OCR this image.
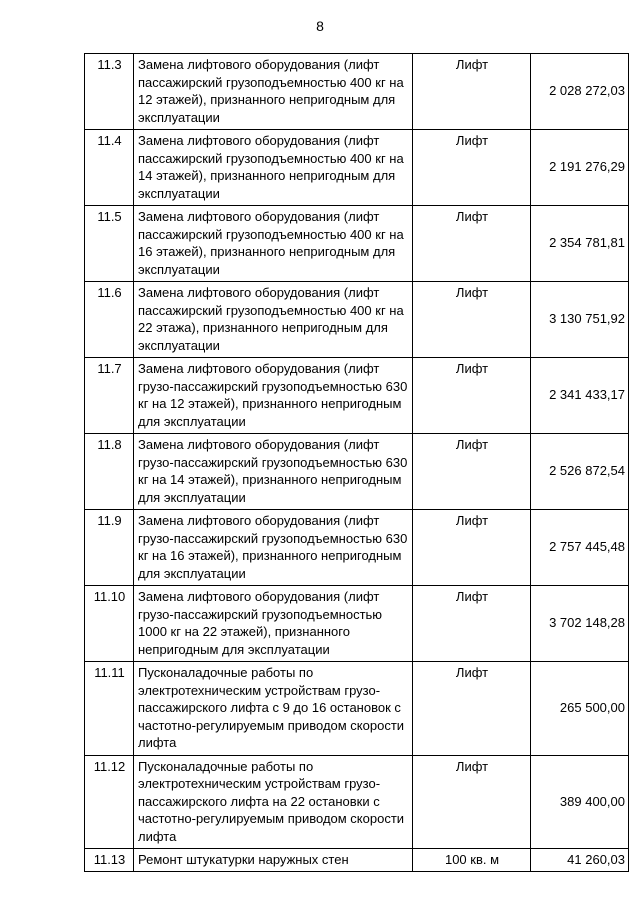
8
11.3	Замена лифтового оборудования (лифт пассажирский грузоподъемностью 400 кг на 12 этажей), признанного непригодным для эксплуатации	Лифт	2 028 272,03
11.4	Замена лифтового оборудования (лифт пассажирский грузоподъемностью 400 кг на 14 этажей), признанного непригодным для эксплуатации	Лифт	2 191 276,29
11.5	Замена лифтового оборудования (лифт пассажирский грузоподъемностью 400 кг на 16 этажей), признанного непригодным для эксплуатации	Лифт	2 354 781,81
11.6	Замена лифтового оборудования (лифт пассажирский грузоподъемностью 400 кг на 22 этажа), признанного непригодным для эксплуатации	Лифт	3 130 751,92
11.7	Замена лифтового оборудования (лифт грузо-пассажирский грузоподъемностью 630 кг на 12 этажей), признанного непригодным для эксплуатации	Лифт	2 341 433,17
11.8	Замена лифтового оборудования (лифт грузо-пассажирский грузоподъемностью 630 кг на 14 этажей), признанного непригодным для эксплуатации	Лифт	2 526 872,54
11.9	Замена лифтового оборудования (лифт грузо-пассажирский грузоподъемностью 630 кг на 16 этажей), признанного непригодным для эксплуатации	Лифт	2 757 445,48
11.10	Замена лифтового оборудования (лифт грузо-пассажирский грузоподъемностью 1000 кг на 22 этажей), признанного непригодным для эксплуатации	Лифт	3 702 148,28
11.11	Пусконаладочные работы по электротехническим устройствам грузо-пассажирского лифта с 9 до 16 остановок с частотно-регулируемым приводом скорости лифта	Лифт	265 500,00
11.12	Пусконаладочные работы по электротехническим устройствам грузо-пассажирского лифта на 22 остановки с частотно-регулируемым приводом скорости лифта	Лифт	389 400,00
11.13	Ремонт штукатурки наружных стен	100 кв. м	41 260,03
